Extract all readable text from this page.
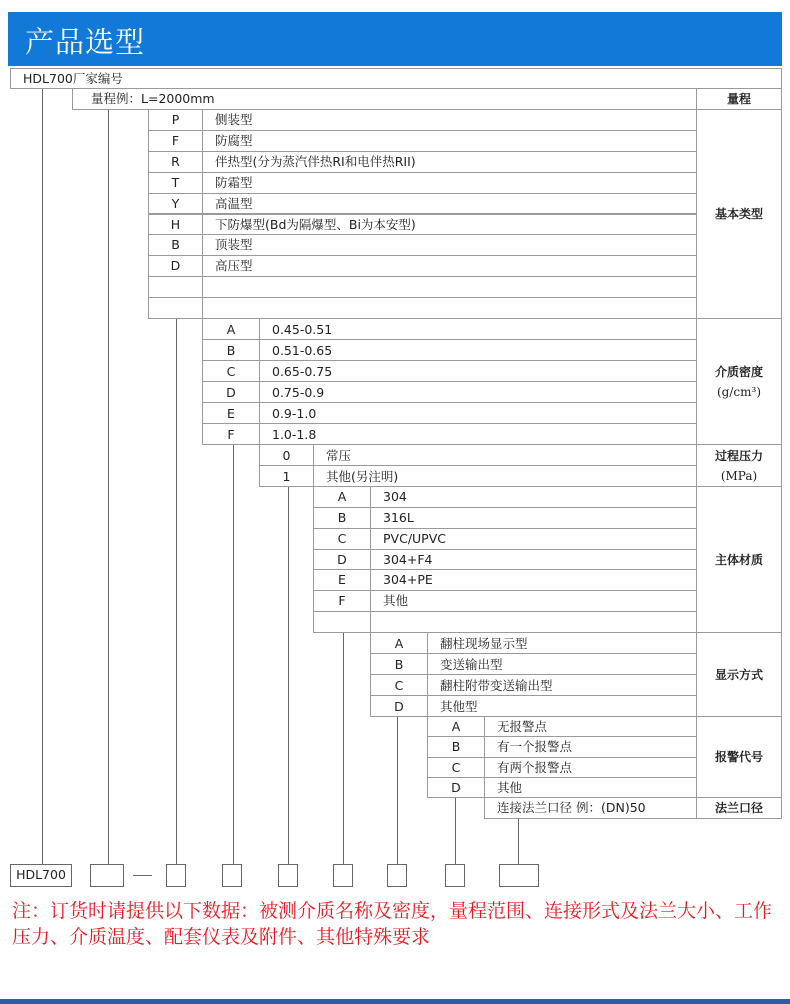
产品选型
HDL700厂家编号
量程例：L=2000mm	量程
P	侧装型
F	防腐型
R	伴热型(分为蒸汽伴热RI和电伴热RII)
T	防霜型
Y	高温型
H	下防爆型(Bd为隔爆型、Bi为本安型)
B	顶装型
D	高压型
基本类型
A	0.45-0.51
B	0.51-0.65
C	0.65-0.75
D	0.75-0.9
E	0.9-1.0
F	1.0-1.8
介质密度
(g/cm³)
0	常压
1	其他(另注明)
过程压力
(MPa)
A	304
B	316L
C	PVC/UPVC
D	304+F4
E	304+PE
F	其他
主体材质
A	翻柱现场显示型
B	变送输出型
C	翻柱附带变送输出型
D	其他型
显示方式
A	无报警点
B	有一个报警点
C	有两个报警点
D	其他
报警代号
连接法兰口径 例：(DN)50	法兰口径
HDL700
注：订货时请提供以下数据：被测介质名称及密度，量程范围、连接形式及法兰大小、工作压力、介质温度、配套仪表及附件、其他特殊要求
